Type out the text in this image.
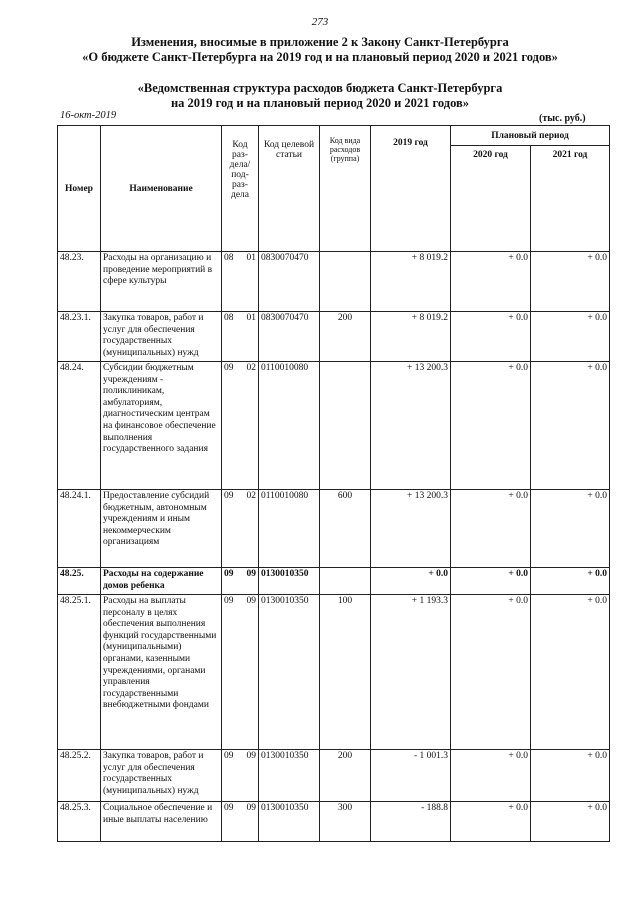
273
Изменения, вносимые в приложение 2 к Закону Санкт-Петербурга
«О бюджете Санкт-Петербурга на 2019 год и на плановый период 2020 и 2021 годов»
«Ведомственная структура расходов бюджета Санкт-Петербурга
на 2019 год и на плановый период 2020 и 2021 годов»
16-окт-2019	(тыс. руб.)
Номер	Наименование	Код раз-дела/ под-раз-дела	Код целевой статьи	Код вида расходов (группа)	2019 год	Плановый период	
						2020 год	2021 год
48.23.	Расходы на организацию и проведение мероприятий в сфере культуры	08 01	0830070470		+ 8 019.2	+ 0.0	+ 0.0
48.23.1.	Закупка товаров, работ и услуг для обеспечения государственных (муниципальных) нужд	08 01	0830070470	200	+ 8 019.2	+ 0.0	+ 0.0
48.24.	Субсидии бюджетным учреждениям - поликлиникам, амбулаториям, диагностическим центрам на финансовое обеспечение выполнения государственного задания	09 02	0110010080		+ 13 200.3	+ 0.0	+ 0.0
48.24.1.	Предоставление субсидий бюджетным, автономным учреждениям и иным некоммерческим организациям	09 02	0110010080	600	+ 13 200.3	+ 0.0	+ 0.0
48.25.	Расходы на содержание домов ребенка	09 09	0130010350		+ 0.0	+ 0.0	+ 0.0
48.25.1.	Расходы на выплаты персоналу в целях обеспечения выполнения функций государственными (муниципальными) органами, казенными учреждениями, органами управления государственными внебюджетными фондами	09 09	0130010350	100	+ 1 193.3	+ 0.0	+ 0.0
48.25.2.	Закупка товаров, работ и услуг для обеспечения государственных (муниципальных) нужд	09 09	0130010350	200	- 1 001.3	+ 0.0	+ 0.0
48.25.3.	Социальное обеспечение и иные выплаты населению	09 09	0130010350	300	- 188.8	+ 0.0	+ 0.0
